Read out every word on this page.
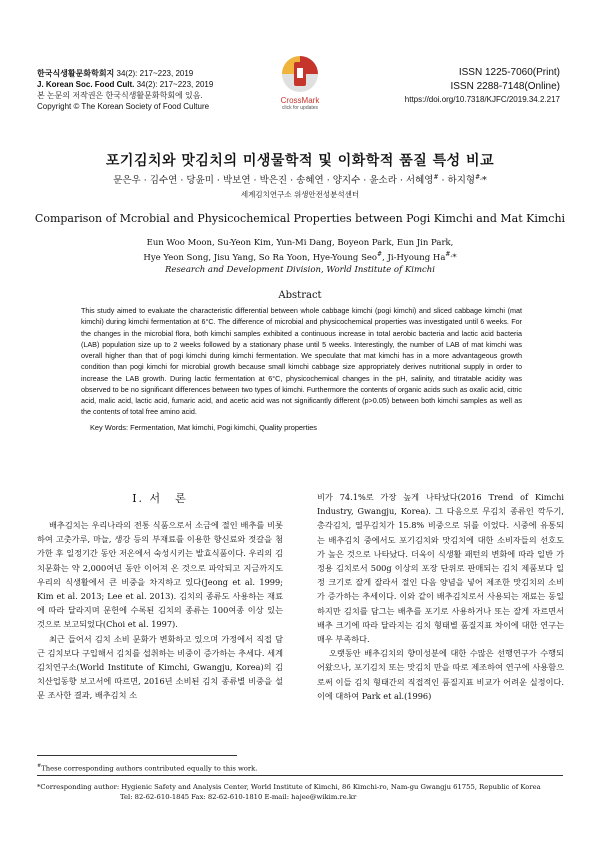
한국식생활문화학회지 34(2): 217~223, 2019
J. Korean Soc. Food Cult. 34(2): 217~223, 2019
본 논문의 저작권은 한국식생활문화학회에 있음.
Copyright © The Korean Society of Food Culture
CrossMark
click for updates
ISSN 1225-7060(Print)
ISSN 2288-7148(Online)
https://doi.org/10.7318/KJFC/2019.34.2.217
포기김치와 맛김치의 미생물학적 및 이화학적 품질 특성 비교
문은우 · 김수연 · 당윤미 · 박보연 · 박은진 · 송혜연 · 양지수 · 윤소라 · 서혜영# · 하지형#,*
세계김치연구소 위생안전성분석센터
Comparison of Mcrobial and Physicochemical Properties between Pogi Kimchi and Mat Kimchi
Eun Woo Moon, Su-Yeon Kim, Yun-Mi Dang, Boyeon Park, Eun Jin Park,
Hye Yeon Song, Jisu Yang, So Ra Yoon, Hye-Young Seo#, Ji-Hyoung Ha#,*
Research and Development Division, World Institute of Kimchi
Abstract
This study aimed to evaluate the characteristic differential between whole cabbage kimchi (pogi kimchi) and sliced cabbage kimchi (mat kimchi) during kimchi fermentation at 6°C. The difference of microbial and physicochemical properties was investigated until 6 weeks. For the changes in the microbial flora, both kimchi samples exhibited a continuous increase in total aerobic bacteria and lactic acid bacteria (LAB) population size up to 2 weeks followed by a stationary phase until 5 weeks. Interestingly, the number of LAB of mat kimchi was overall higher than that of pogi kimchi during kimchi fermentation. We speculate that mat kimchi has in a more advantageous growth condition than pogi kimchi for microbial growth because small kimchi cabbage size appropriately derives nutritional supply in order to increase the LAB growth. During lactic fermentation at 6°C, physicochemical changes in the pH, salinity, and titratable acidity was observed to be no significant differences between two types of kimchi. Furthermore the contents of organic acids such as oxalic acid, citric acid, malic acid, lactic acid, fumaric acid, and acetic acid was not significantly different (p>0.05) between both kimchi samples as well as the contents of total free amino acid.
Key Words: Fermentation, Mat kimchi, Pogi kimchi, Quality properties
Ⅰ. 서　론

배추김치는 우리나라의 전통 식품으로서 소금에 절인 배추를 비롯하여 고춧가루, 마늘, 생강 등의 부재료를 이용한 향신료와 젓갈을 첨가한 후 일정기간 동안 저온에서 숙성시키는 발효식품이다. 우리의 김치문화는 약 2,000여년 동안 이어져 온 것으로 파악되고 지금까지도 우리의 식생활에서 큰 비중을 차지하고 있다(Jeong et al. 1999; Kim et al. 2013; Lee et al. 2013). 김치의 종류도 사용하는 재료에 따라 달라지며 문헌에 수록된 김치의 종류는 100여종 이상 있는 것으로 보고되었다(Choi et al. 1997).

최근 들어서 김치 소비 문화가 변화하고 있으며 가정에서 직접 담근 김치보다 구입해서 김치를 섭취하는 비중이 증가하는 추세다. 세계김치연구소(World Institute of Kimchi, Gwangju, Korea)의 김치산업동향 보고서에 따르면, 2016년 소비된 김치 종류별 비중을 설문 조사한 결과, 배추김치 소

비가 74.1%로 가장 높게 나타났다(2016 Trend of Kimchi Industry, Gwangju, Korea). 그 다음으로 무김치 종류인 깍두기, 총각김치, 열무김치가 15.8% 비중으로 뒤를 이었다. 시중에 유통되는 배추김치 중에서도 포기김치와 맛김치에 대한 소비자들의 선호도가 높은 것으로 나타났다. 더욱이 식생활 패턴의 변화에 따라 일반 가정용 김치로서 500g 이상의 포장 단위로 판매되는 김치 제품보다 일정 크기로 잘게 잘라서 절인 다음 양념을 넣어 제조한 맛김치의 소비가 증가하는 추세이다. 이와 같이 배추김치로서 사용되는 재료는 동일하지만 김치를 담그는 배추를 포기로 사용하거나 또는 잘게 자르면서 배추 크기에 따라 달라지는 김치 형태별 품질지표 차이에 대한 연구는 매우 부족하다.

오랫동안 배추김치의 향미성분에 대한 수많은 선행연구가 수행되어왔으나, 포기김치 또는 맛김치 만을 따로 제조하여 연구에 사용함으로써 이들 김치 형태간의 직접적인 품질지표 비교가 어려운 실정이다. 이에 대하여 Park et al.(1996)

#These corresponding authors contributed equally to this work.
*Corresponding author: Hygienic Safety and Analysis Center, World Institute of Kimchi, 86 Kimchi-ro, Nam-gu Gwangju 61755, Republic of Korea
Tel: 82-62-610-1845 Fax: 82-62-610-1810 E-mail: hajee@wikim.re.kr
